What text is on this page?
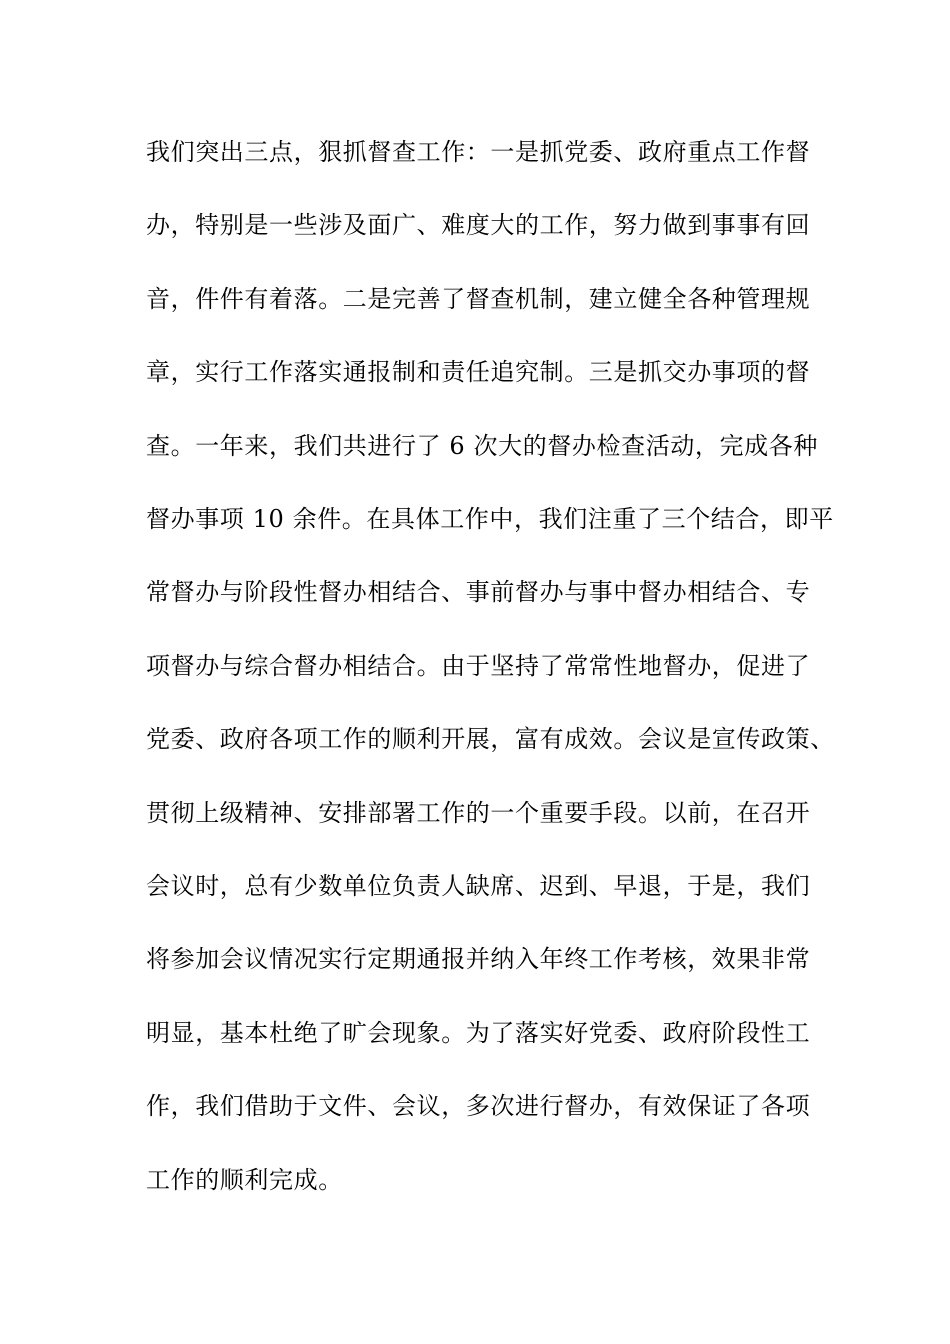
我们突出三点，狠抓督查工作：一是抓党委、政府重点工作督
办，特别是一些涉及面广、难度大的工作，努力做到事事有回
音，件件有着落。二是完善了督查机制，建立健全各种管理规
章，实行工作落实通报制和责任追究制。三是抓交办事项的督
查。一年来，我们共进行了 6 次大的督办检查活动，完成各种
督办事项 10 余件。在具体工作中，我们注重了三个结合，即平
常督办与阶段性督办相结合、事前督办与事中督办相结合、专
项督办与综合督办相结合。由于坚持了常常性地督办，促进了
党委、政府各项工作的顺利开展，富有成效。会议是宣传政策、
贯彻上级精神、安排部署工作的一个重要手段。以前，在召开
会议时，总有少数单位负责人缺席、迟到、早退，于是，我们
将参加会议情况实行定期通报并纳入年终工作考核，效果非常
明显，基本杜绝了旷会现象。为了落实好党委、政府阶段性工
作，我们借助于文件、会议，多次进行督办，有效保证了各项
工作的顺利完成。
